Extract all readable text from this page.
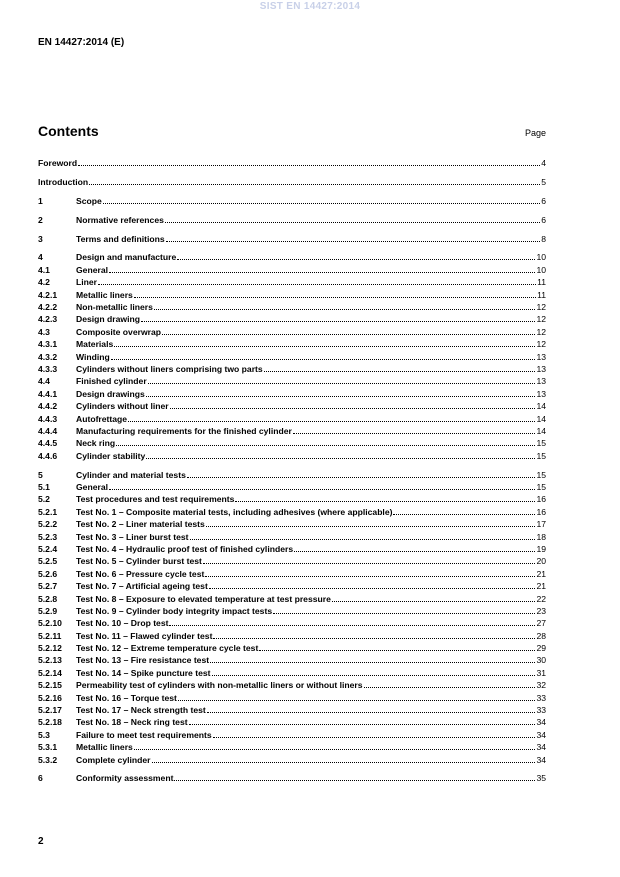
SIST EN 14427:2014
EN 14427:2014 (E)
Contents	Page
Foreword	4
Introduction	5
1	Scope	6
2	Normative references	6
3	Terms and definitions	8
4	Design and manufacture	10
4.1	General	10
4.2	Liner	11
4.2.1	Metallic liners	11
4.2.2	Non-metallic liners	12
4.2.3	Design drawing	12
4.3	Composite overwrap	12
4.3.1	Materials	12
4.3.2	Winding	13
4.3.3	Cylinders without liners comprising two parts	13
4.4	Finished cylinder	13
4.4.1	Design drawings	13
4.4.2	Cylinders without liner	14
4.4.3	Autofrettage	14
4.4.4	Manufacturing requirements for the finished cylinder	14
4.4.5	Neck ring	15
4.4.6	Cylinder stability	15
5	Cylinder and material tests	15
5.1	General	15
5.2	Test procedures and test requirements	16
5.2.1	Test No. 1 – Composite material tests, including adhesives (where applicable)	16
5.2.2	Test No. 2 – Liner material tests	17
5.2.3	Test No. 3 – Liner burst test	18
5.2.4	Test No. 4 – Hydraulic proof test of finished cylinders	19
5.2.5	Test No. 5 – Cylinder burst test	20
5.2.6	Test No. 6 – Pressure cycle test	21
5.2.7	Test No. 7 – Artificial ageing test	21
5.2.8	Test No. 8 – Exposure to elevated temperature at test pressure	22
5.2.9	Test No. 9 – Cylinder body integrity impact tests	23
5.2.10	Test No. 10 – Drop test	27
5.2.11	Test No. 11 – Flawed cylinder test	28
5.2.12	Test No. 12 – Extreme temperature cycle test	29
5.2.13	Test No. 13 – Fire resistance test	30
5.2.14	Test No. 14 – Spike puncture test	31
5.2.15	Permeability test of cylinders with non-metallic liners or without liners	32
5.2.16	Test No. 16 – Torque test	33
5.2.17	Test No. 17 – Neck strength test	33
5.2.18	Test No. 18 – Neck ring test	34
5.3	Failure to meet test requirements	34
5.3.1	Metallic liners	34
5.3.2	Complete cylinder	34
6	Conformity assessment	35
2
